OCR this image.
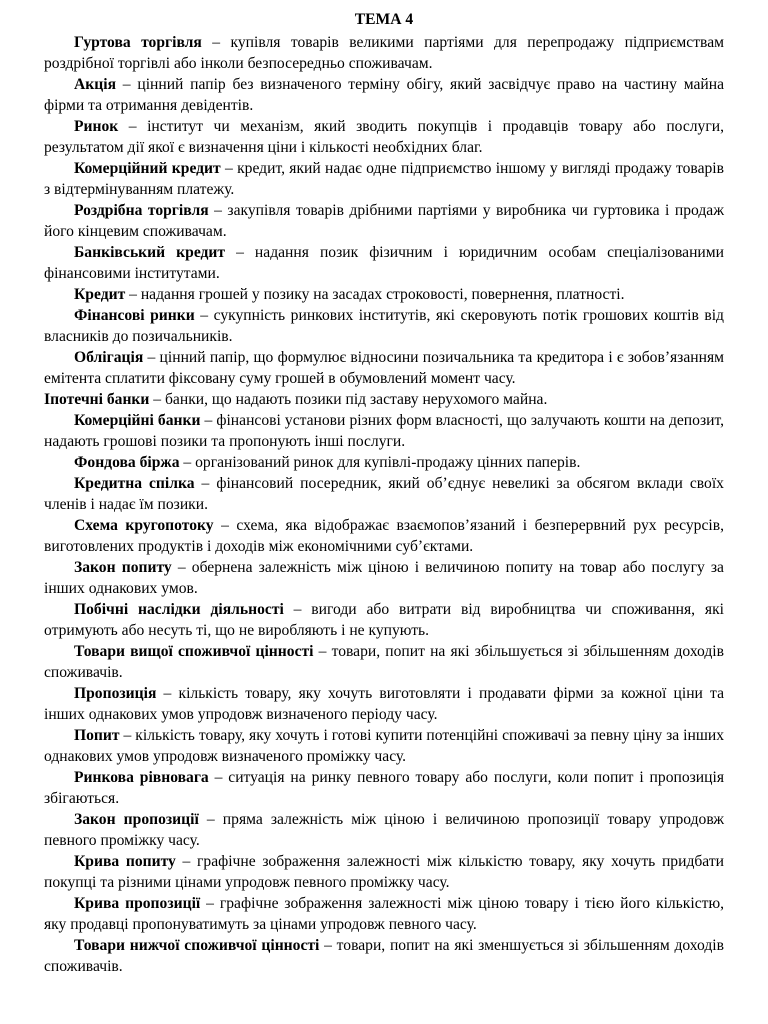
ТЕМА 4

Гуртова торгівля – купівля товарів великими партіями для перепродажу підприємствам роздрібної торгівлі або інколи безпосередньо споживачам.

Акція – цінний папір без визначеного терміну обігу, який засвідчує право на частину майна фірми та отримання девідентів.

Ринок – інститут чи механізм, який зводить покупців і продавців товару або послуги, результатом дії якої є визначення ціни і кількості необхідних благ.

Комерційний кредит – кредит, який надає одне підприємство іншому у вигляді продажу товарів з відтермінуванням платежу.

Роздрібна торгівля – закупівля товарів дрібними партіями у виробника чи гуртовика і продаж його кінцевим споживачам.

Банківський кредит – надання позик фізичним і юридичним особам спеціалізованими фінансовими інститутами.

Кредит – надання грошей у позику на засадах строковості, повернення, платності.

Фінансові ринки – сукупність ринкових інститутів, які скеровують потік грошових коштів від власників до позичальників.

Облігація – цінний папір, що формулює відносини позичальника та кредитора і є зобов’язанням емітента сплатити фіксовану суму грошей в обумовлений момент часу.

Іпотечні банки – банки, що надають позики під заставу нерухомого майна.

Комерційні банки – фінансові установи різних форм власності, що залучають кошти на депозит, надають грошові позики та пропонують інші послуги.

Фондова біржа – організований ринок для купівлі-продажу цінних паперів.

Кредитна спілка – фінансовий посередник, який об’єднує невеликі за обсягом вклади своїх членів і надає їм позики.

Схема кругопотоку – схема, яка відображає взаємопов’язаний і безперервний рух ресурсів, виготовлених продуктів і доходів між економічними суб’єктами.

Закон попиту – обернена залежність між ціною і величиною попиту на товар або послугу за інших однакових умов.

Побічні наслідки діяльності – вигоди або витрати від виробництва чи споживання, які отримують або несуть ті, що не виробляють і не купують.

Товари вищої споживчої цінності – товари, попит на які збільшується зі збільшенням доходів споживачів.

Пропозиція – кількість товару, яку хочуть виготовляти і продавати фірми за кожної ціни та інших однакових умов упродовж визначеного періоду часу.

Попит – кількість товару, яку хочуть і готові купити потенційні споживачі за певну ціну за інших однакових умов упродовж визначеного проміжку часу.

Ринкова рівновага – ситуація на ринку певного товару або послуги, коли попит і пропозиція збігаються.

Закон пропозиції – пряма залежність між ціною і величиною пропозиції товару упродовж певного проміжку часу.

Крива попиту – графічне зображення залежності між кількістю товару, яку хочуть придбати покупці та різними цінами упродовж певного проміжку часу.

Крива пропозиції – графічне зображення залежності між ціною товару і тією його кількістю, яку продавці пропонуватимуть за цінами упродовж певного часу.

Товари нижчої споживчої цінності – товари, попит на які зменшується зі збільшенням доходів споживачів.
